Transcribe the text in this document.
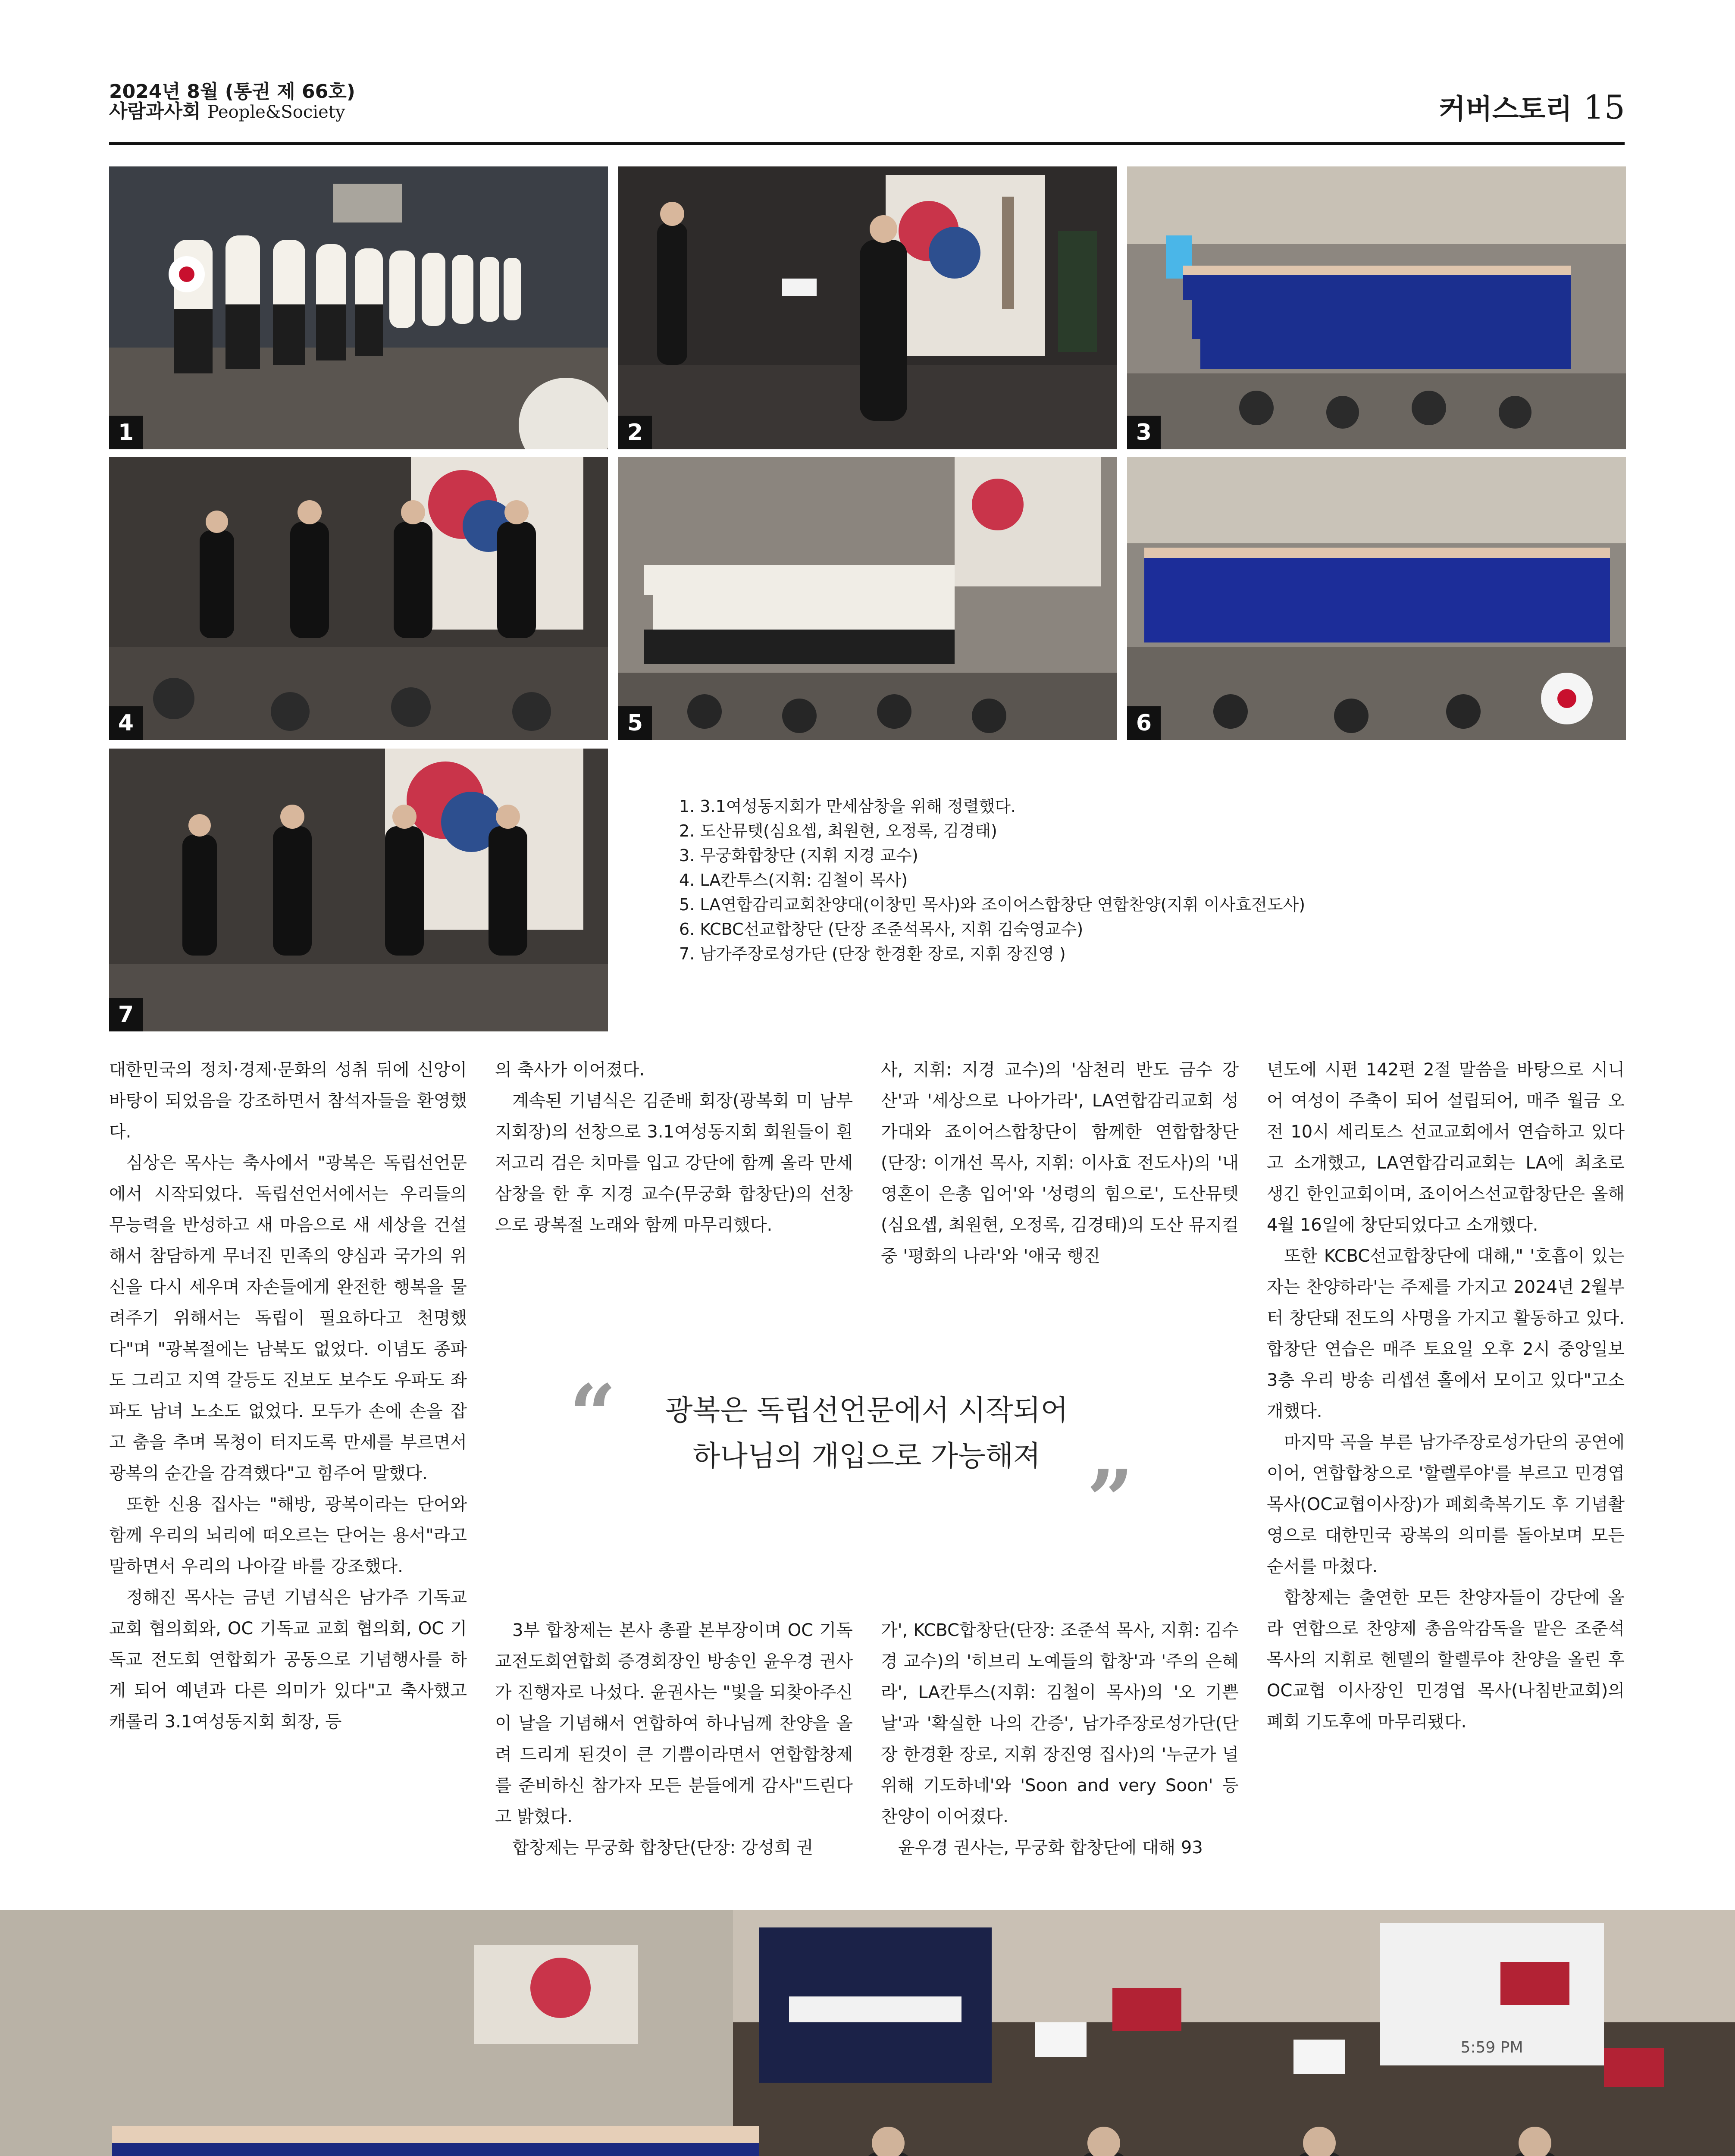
2024년 8월 (통권 제 66호)
사람과사회 People&Society	커버스토리 15
1	2	3
4	5	6
7
1. 3.1여성동지회가 만세삼창을 위해 정렬했다.
2. 도산뮤텟(심요셉, 최원현, 오정록, 김경태)
3. 무궁화합창단 (지휘 지경 교수)
4. LA칸투스(지휘: 김철이 목사)
5. LA연합감리교회찬양대(이창민 목사)와 조이어스합창단 연합찬양(지휘 이사효전도사)
6. KCBC선교합창단 (단장 조준석목사, 지휘 김숙영교수)
7. 남가주장로성가단 (단장 한경환 장로, 지휘 장진영 )

대한민국의 정치·경제·문화의 성취 뒤에 신앙이 바탕이 되었음을 강조하면서 참석자들을 환영했다.

심상은 목사는 축사에서 "광복은 독립선언문에서 시작되었다. 독립선언서에서는 우리들의 무능력을 반성하고 새 마음으로 새 세상을 건설해서 참담하게 무너진 민족의 양심과 국가의 위신을 다시 세우며 자손들에게 완전한 행복을 물려주기 위해서는 독립이 필요하다고 천명했다"며 "광복절에는 남북도 없었다. 이념도 종파도 그리고 지역 갈등도 진보도 보수도 우파도 좌파도 남녀 노소도 없었다. 모두가 손에 손을 잡고 춤을 추며 목청이 터지도록 만세를 부르면서 광복의 순간을 감격했다"고 힘주어 말했다.

또한 신용 집사는 "해방, 광복이라는 단어와 함께 우리의 뇌리에 떠오르는 단어는 용서"라고 말하면서 우리의 나아갈 바를 강조했다.

정해진 목사는 금년 기념식은 남가주 기독교 교회 협의회와, OC 기독교 교회 협의회, OC 기독교 전도회 연합회가 공동으로 기념행사를 하게 되어 예년과 다른 의미가 있다"고 축사했고 캐롤리 3.1여성동지회 회장, 등

의 축사가 이어졌다.

계속된 기념식은 김준배 회장(광복회 미 남부 지회장)의 선창으로 3.1여성동지회 회원들이 흰저고리 검은 치마를 입고 강단에 함께 올라 만세삼창을 한 후 지경 교수(무궁화 합창단)의 선창으로 광복절 노래와 함께 마무리했다.

사, 지휘: 지경 교수)의 '삼천리 반도 금수 강산'과 '세상으로 나아가라', LA연합감리교회 성가대와 죠이어스합창단이 함께한 연합합창단 (단장: 이개선 목사, 지휘: 이사효 전도사)의 '내 영혼이 은총 입어'와 '성령의 힘으로', 도산뮤텟(심요셉, 최원현, 오정록, 김경태)의 도산 뮤지컬 중 '평화의 나라'와 '애국 행진

광복은 독립선언문에서 시작되어
하나님의 개입으로 가능해져
“
”

3부 합창제는 본사 총괄 본부장이며 OC 기독교전도회연합회 증경회장인 방송인 윤우경 권사가 진행자로 나섰다. 윤권사는 "빛을 되찾아주신 이 날을 기념해서 연합하여 하나님께 찬양을 올려 드리게 된것이 큰 기쁨이라면서 연합합창제를 준비하신 참가자 모든 분들에게 감사"드린다고 밝혔다.

합창제는 무궁화 합창단(단장: 강성희 권

가', KCBC합창단(단장: 조준석 목사, 지휘: 김수경 교수)의 '히브리 노예들의 합창'과 '주의 은혜라', LA칸투스(지휘: 김철이 목사)의 '오 기쁜 날'과 '확실한 나의 간증', 남가주장로성가단(단장 한경환 장로, 지휘 장진영 집사)의 '누군가 널 위해 기도하네'와 'Soon and very Soon' 등 찬양이 이어졌다.

윤우경 권사는, 무궁화 합창단에 대해 93

년도에 시편 142편 2절 말씀을 바탕으로 시니어 여성이 주축이 되어 설립되어, 매주 월금 오전 10시 세리토스 선교교회에서 연습하고 있다고 소개했고, LA연합감리교회는 LA에 최초로 생긴 한인교회이며, 죠이어스선교합창단은 올해 4월 16일에 창단되었다고 소개했다.

또한 KCBC선교합창단에 대해," '호흡이 있는 자는 찬양하라'는 주제를 가지고 2024년 2월부터 창단돼 전도의 사명을 가지고 활동하고 있다. 합창단 연습은 매주 토요일 오후 2시 중앙일보 3층 우리 방송 리셉션 홀에서 모이고 있다"고소개했다.

마지막 곡을 부른 남가주장로성가단의 공연에 이어, 연합합창으로 '할렐루야'를 부르고 민경엽 목사(OC교협이사장)가 폐회축복기도 후 기념촬영으로 대한민국 광복의 의미를 돌아보며 모든 순서를 마쳤다.

합창제는 출연한 모든 찬양자들이 강단에 올라 연합으로 찬양제 총음악감독을 맡은 조준석목사의 지휘로 헨델의 할렐루야 찬양을 올린 후 OC교협 이사장인 민경엽 목사(나침반교회)의 폐회 기도후에 마무리됐다.

5:59 PM
